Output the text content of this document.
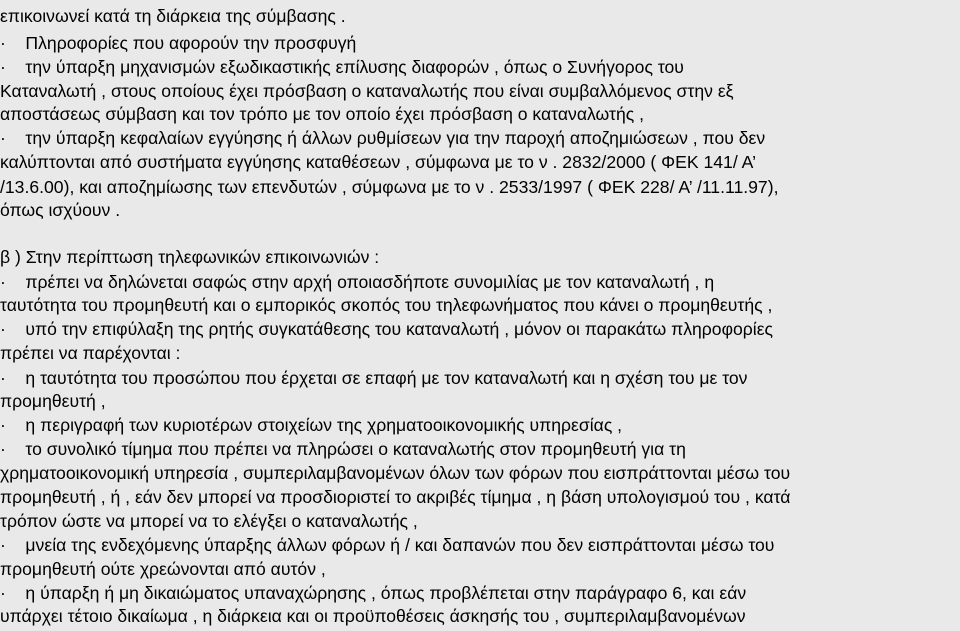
επικοινωνεί κατά τη διάρκεια της σύμβασης .
·    Πληροφορίες που αφορούν την προσφυγή
·    την ύπαρξη μηχανισμών εξωδικαστικής επίλυσης διαφορών , όπως ο Συνήγορος του
Καταναλωτή , στους οποίους έχει πρόσβαση ο καταναλωτής που είναι συμβαλλόμενος στην εξ
αποστάσεως σύμβαση και τον τρόπο με τον οποίο έχει πρόσβαση ο καταναλωτής ,
·    την ύπαρξη κεφαλαίων εγγύησης ή άλλων ρυθμίσεων για την παροχή αποζημιώσεων , που δεν
καλύπτονται από συστήματα εγγύησης καταθέσεων , σύμφωνα με το ν . 2832/2000 ( ΦΕΚ 141/ Α’
/13.6.00), και αποζημίωσης των επενδυτών , σύμφωνα με το ν . 2533/1997 ( ΦΕΚ 228/ Α’ /11.11.97),
όπως ισχύουν .
β ) Στην περίπτωση τηλεφωνικών επικοινωνιών :
·    πρέπει να δηλώνεται σαφώς στην αρχή οποιασδήποτε συνομιλίας με τον καταναλωτή , η
ταυτότητα του προμηθευτή και ο εμπορικός σκοπός του τηλεφωνήματος που κάνει ο προμηθευτής ,
·    υπό την επιφύλαξη της ρητής συγκατάθεσης του καταναλωτή , μόνον οι παρακάτω πληροφορίες
πρέπει να παρέχονται :
·    η ταυτότητα του προσώπου που έρχεται σε επαφή με τον καταναλωτή και η σχέση του με τον
προμηθευτή ,
·    η περιγραφή των κυριοτέρων στοιχείων της χρηματοοικονομικής υπηρεσίας ,
·    το συνολικό τίμημα που πρέπει να πληρώσει ο καταναλωτής στον προμηθευτή για τη
χρηματοοικονομική υπηρεσία , συμπεριλαμβανομένων όλων των φόρων που εισπράττονται μέσω του
προμηθευτή , ή , εάν δεν μπορεί να προσδιοριστεί το ακριβές τίμημα , η βάση υπολογισμού του , κατά
τρόπον ώστε να μπορεί να το ελέγξει ο καταναλωτής ,
·    μνεία της ενδεχόμενης ύπαρξης άλλων φόρων ή / και δαπανών που δεν εισπράττονται μέσω του
προμηθευτή ούτε χρεώνονται από αυτόν ,
·    η ύπαρξη ή μη δικαιώματος υπαναχώρησης , όπως προβλέπεται στην παράγραφο 6, και εάν
υπάρχει τέτοιο δικαίωμα , η διάρκεια και οι προϋποθέσεις άσκησής του , συμπεριλαμβανομένων
